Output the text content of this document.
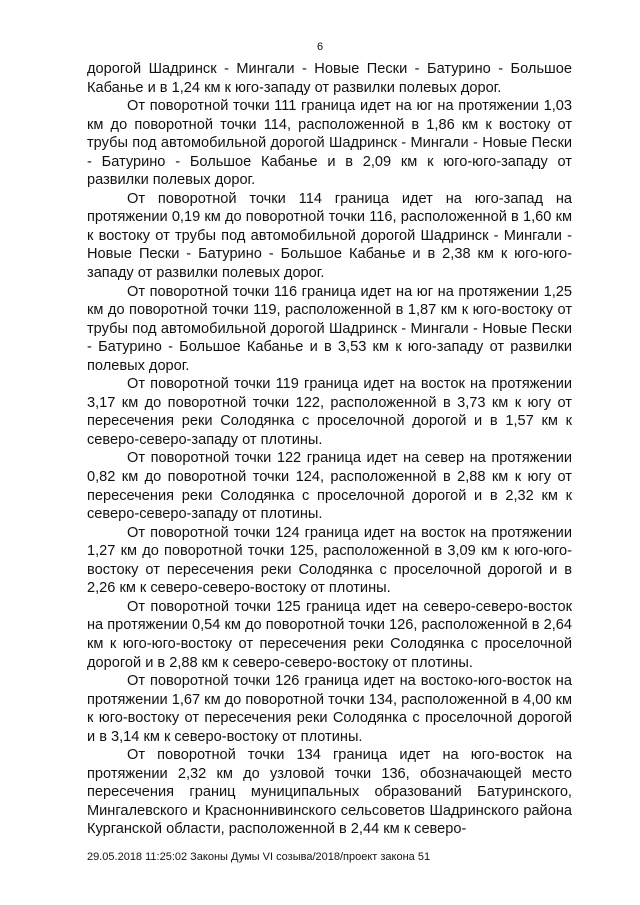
6

дорогой Шадринск - Мингали - Новые Пески - Батурино - Большое Кабанье и в 1,24 км к юго-западу от развилки полевых дорог.

От поворотной точки 111 граница идет на юг на протяжении 1,03 км до поворотной точки 114, расположенной в 1,86 км к востоку от трубы под автомобильной дорогой Шадринск - Мингали - Новые Пески - Батурино - Большое Кабанье и в 2,09 км к юго-юго-западу от развилки полевых дорог.

От поворотной точки 114 граница идет на юго-запад на протяжении 0,19 км до поворотной точки 116, расположенной в 1,60 км к востоку от трубы под автомобильной дорогой Шадринск - Мингали - Новые Пески - Батурино - Большое Кабанье и в 2,38 км к юго-юго-западу от развилки полевых дорог.

От поворотной точки 116 граница идет на юг на протяжении 1,25 км до поворотной точки 119, расположенной в 1,87 км к юго-востоку от трубы под автомобильной дорогой Шадринск - Мингали - Новые Пески - Батурино - Большое Кабанье и в 3,53 км к юго-западу от развилки полевых дорог.

От поворотной точки 119 граница идет на восток на протяжении 3,17 км до поворотной точки 122, расположенной в 3,73 км к югу от пересечения реки Солодянка с проселочной дорогой и в 1,57 км к северо-северо-западу от плотины.

От поворотной точки 122 граница идет на север на протяжении 0,82 км до поворотной точки 124, расположенной в 2,88 км к югу от пересечения реки Солодянка с проселочной дорогой и в 2,32 км к северо-северо-западу от плотины.

От поворотной точки 124 граница идет на восток на протяжении 1,27 км до поворотной точки 125, расположенной в 3,09 км к юго-юго-востоку от пересечения реки Солодянка с проселочной дорогой и в 2,26 км к северо-северо-востоку от плотины.

От поворотной точки 125 граница идет на северо-северо-восток на протяжении 0,54 км до поворотной точки 126, расположенной в 2,64 км к юго-юго-востоку от пересечения реки Солодянка с проселочной дорогой и в 2,88 км к северо-северо-востоку от плотины.

От поворотной точки 126 граница идет на востоко-юго-восток на протяжении 1,67 км до поворотной точки 134, расположенной в 4,00 км к юго-востоку от пересечения реки Солодянка с проселочной дорогой и в 3,14 км к северо-востоку от плотины.

От поворотной точки 134 граница идет на юго-восток на протяжении 2,32 км до узловой точки 136, обозначающей место пересечения границ муниципальных образований Батуринского, Мингалевского и Красноннивинского сельсоветов Шадринского района Курганской области, расположенной в 2,44 км к северо-

29.05.2018 11:25:02 Законы Думы VI созыва/2018/проект закона 51
